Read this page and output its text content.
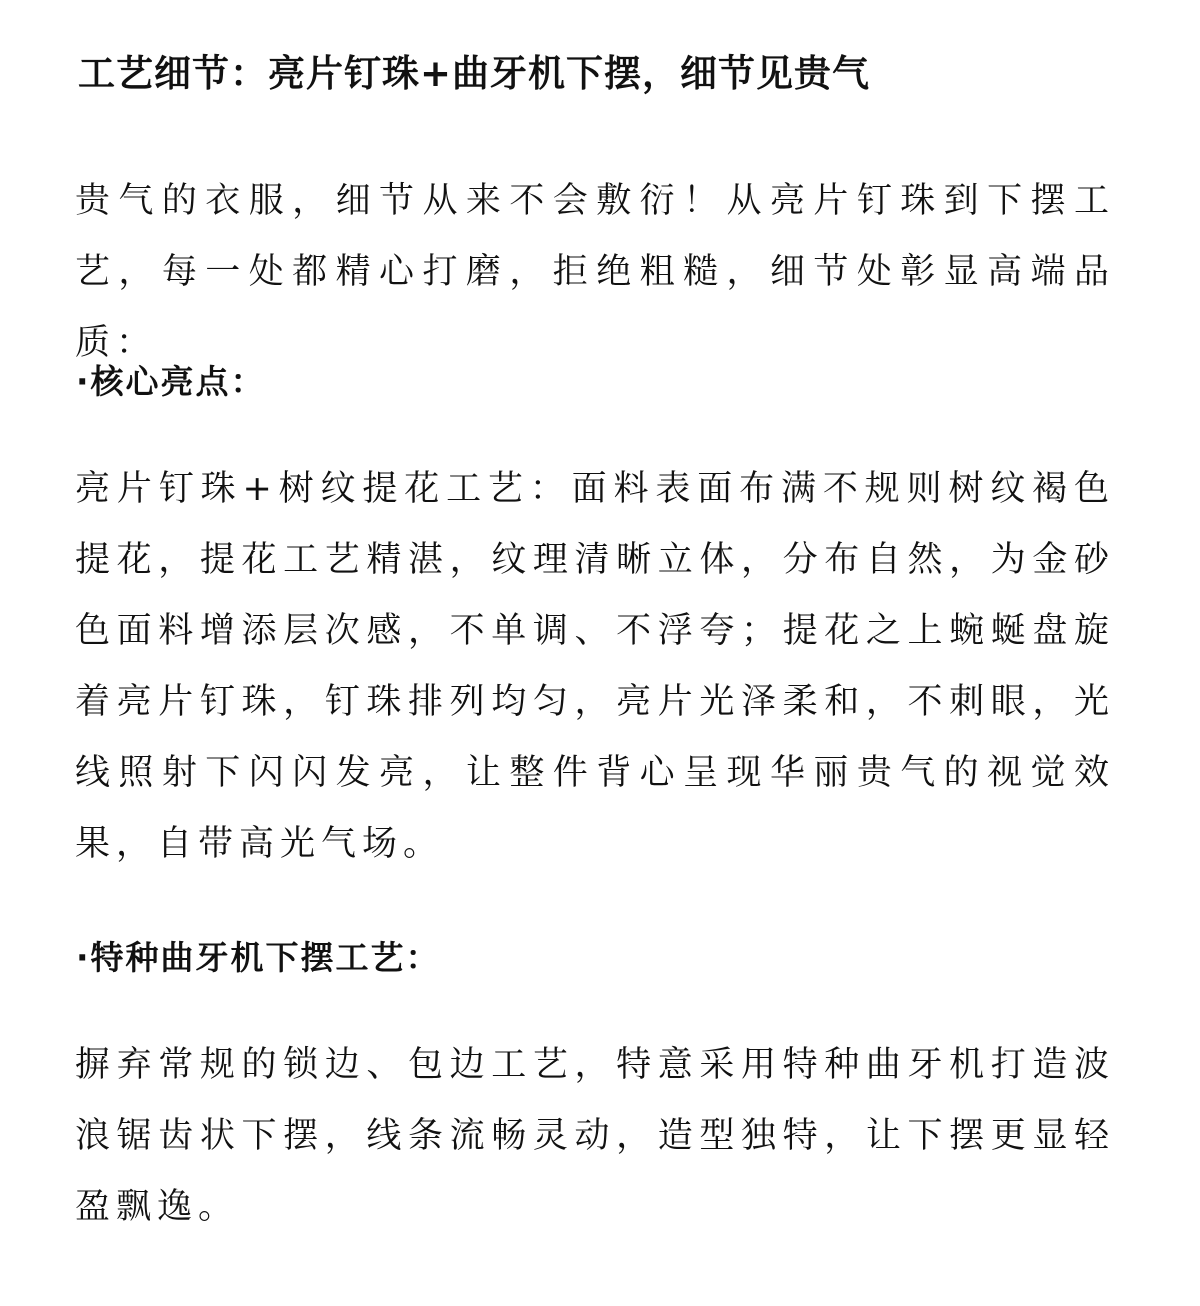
工艺细节：亮片钉珠+曲牙机下摆，细节见贵气

贵气的衣服，细节从来不会敷衍！从亮片钉珠到下摆工艺，每一处都精心打磨，拒绝粗糙，细节处彰显高端品质：

·核心亮点：

亮片钉珠+树纹提花工艺：面料表面布满不规则树纹褐色提花，提花工艺精湛，纹理清晰立体，分布自然，为金砂色面料增添层次感，不单调、不浮夸；提花之上蜿蜒盘旋着亮片钉珠，钉珠排列均匀，亮片光泽柔和，不刺眼，光线照射下闪闪发亮，让整件背心呈现华丽贵气的视觉效果，自带高光气场。

·特种曲牙机下摆工艺：

摒弃常规的锁边、包边工艺，特意采用特种曲牙机打造波浪锯齿状下摆，线条流畅灵动，造型独特，让下摆更显轻盈飘逸。
